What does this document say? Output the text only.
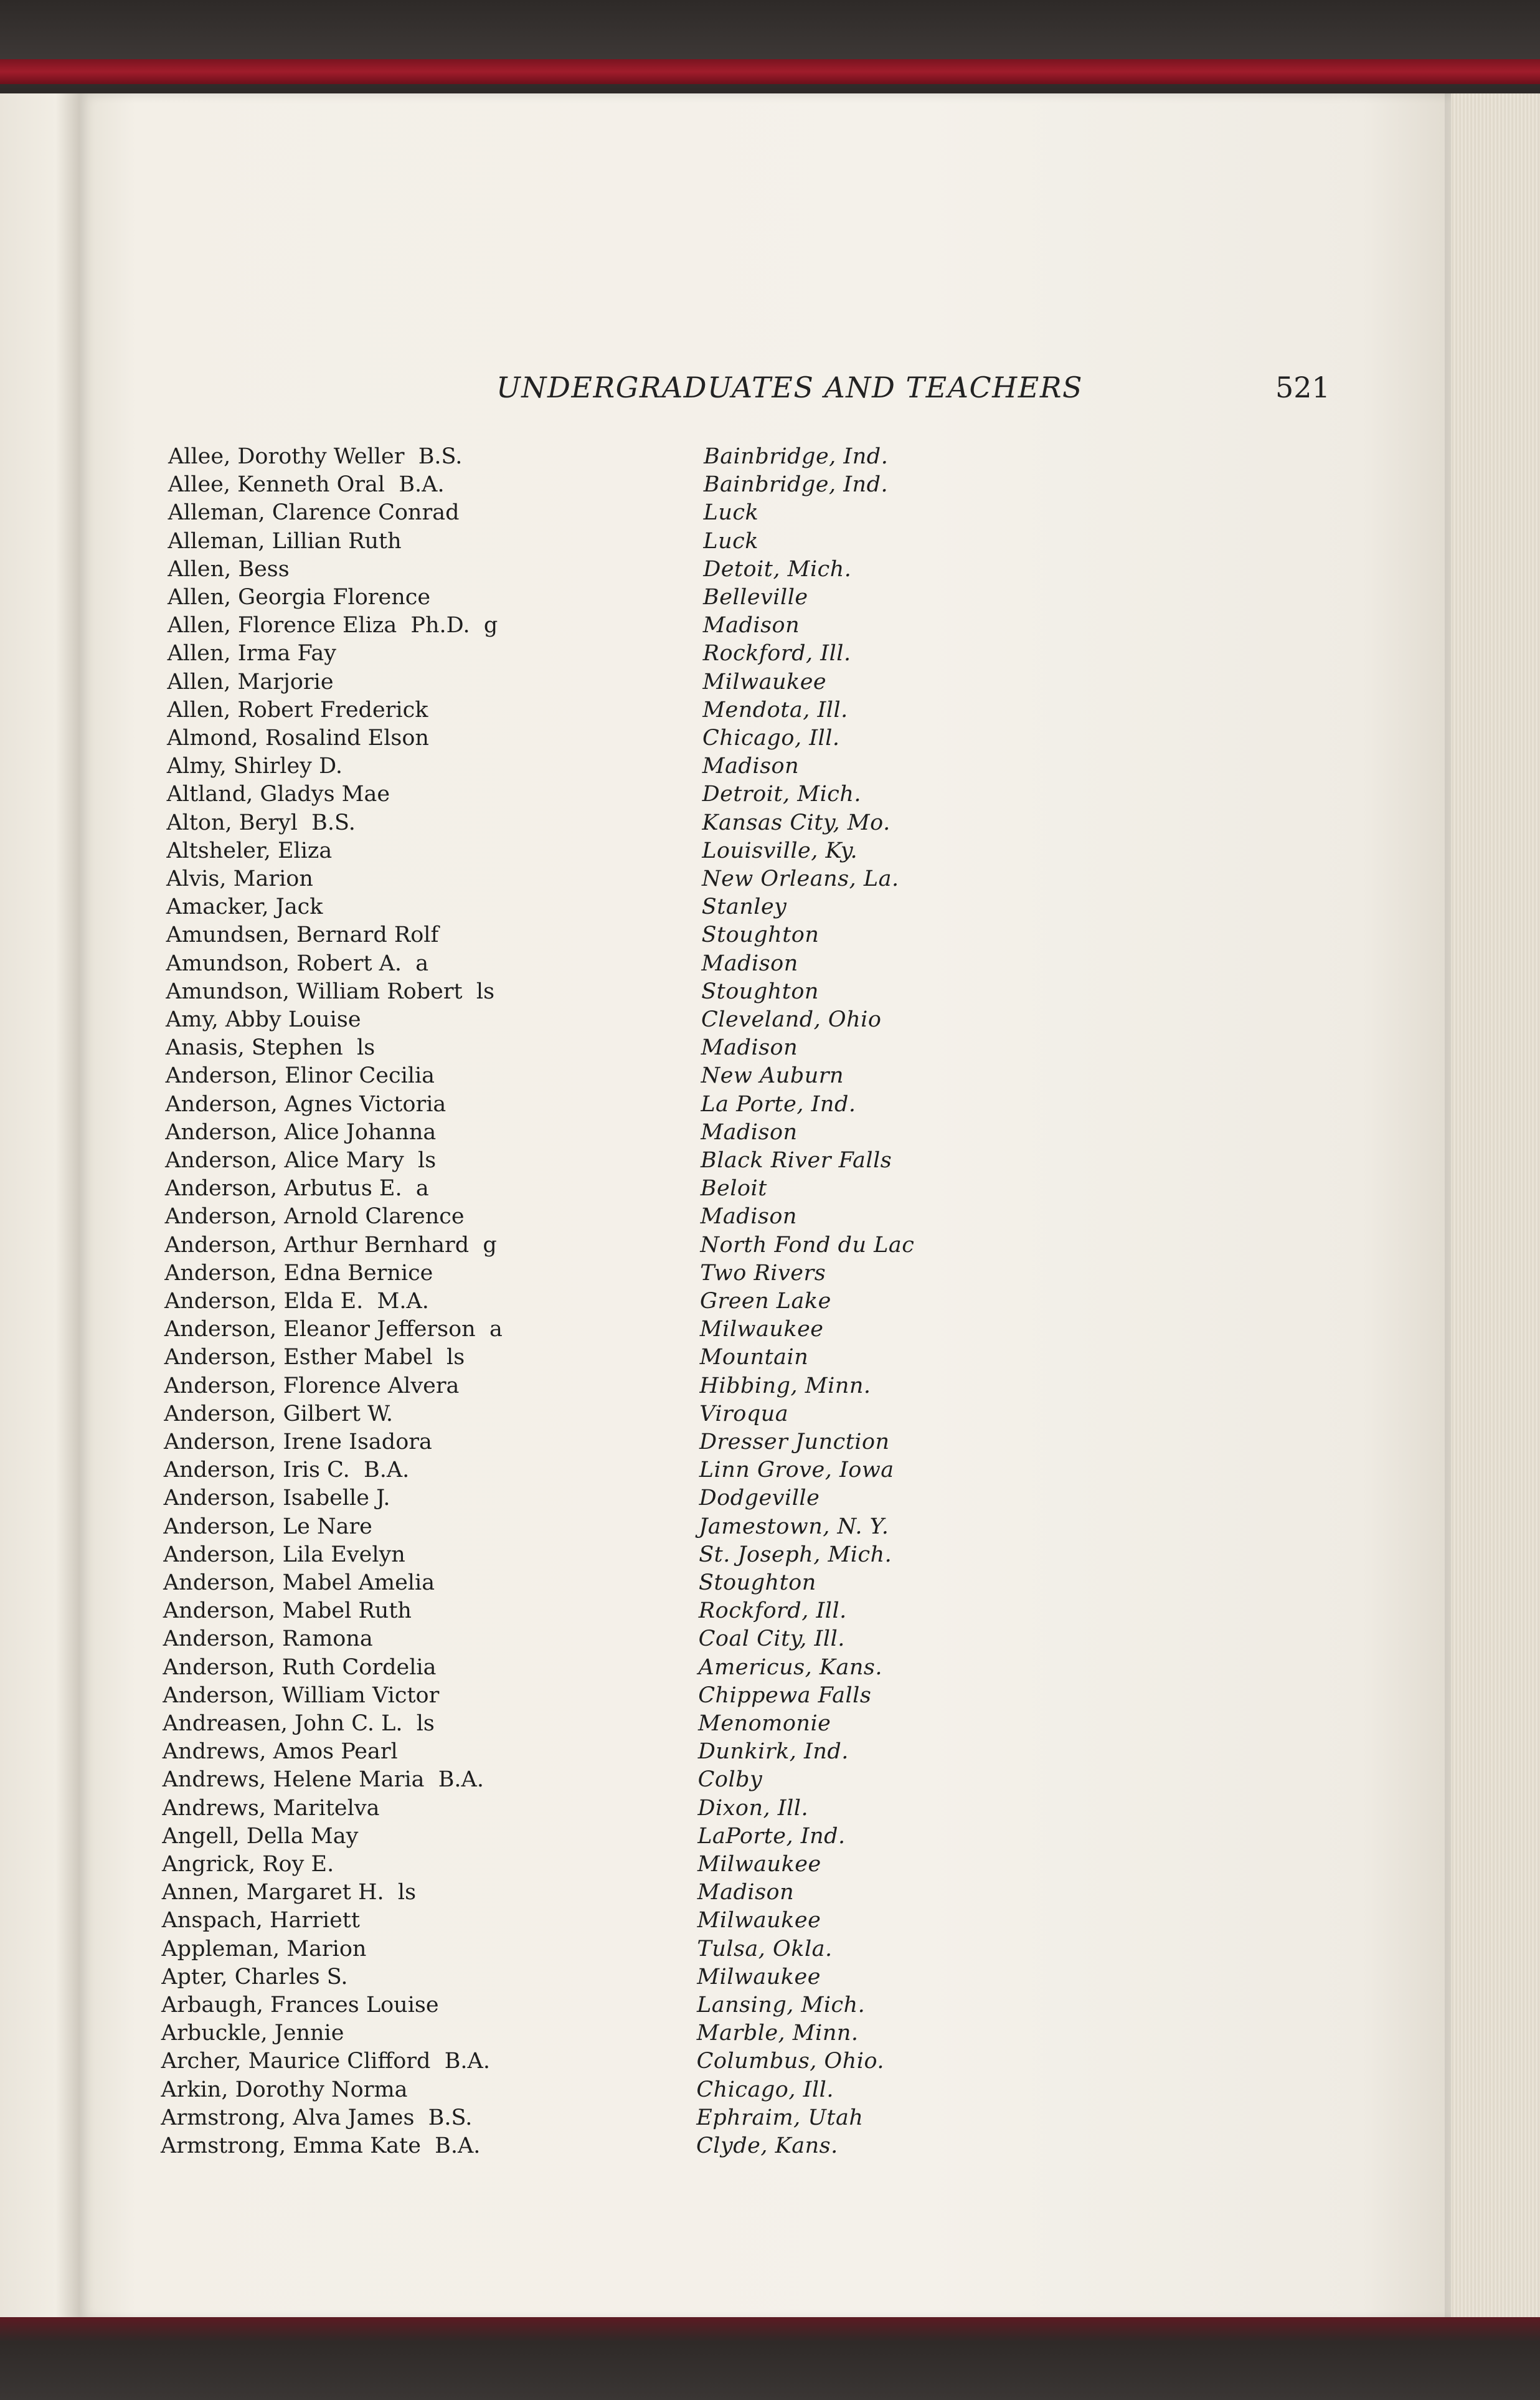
UNDERGRADUATES AND TEACHERS	521
Allee, Dorothy Weller  B.S.	Bainbridge, Ind.
Allee, Kenneth Oral  B.A.	Bainbridge, Ind.
Alleman, Clarence Conrad	Luck
Alleman, Lillian Ruth	Luck
Allen, Bess	Detoit, Mich.
Allen, Georgia Florence	Belleville
Allen, Florence Eliza  Ph.D.  g	Madison
Allen, Irma Fay	Rockford, Ill.
Allen, Marjorie	Milwaukee
Allen, Robert Frederick	Mendota, Ill.
Almond, Rosalind Elson	Chicago, Ill.
Almy, Shirley D.	Madison
Altland, Gladys Mae	Detroit, Mich.
Alton, Beryl  B.S.	Kansas City, Mo.
Altsheler, Eliza	Louisville, Ky.
Alvis, Marion	New Orleans, La.
Amacker, Jack	Stanley
Amundsen, Bernard Rolf	Stoughton
Amundson, Robert A.  a	Madison
Amundson, William Robert  ls	Stoughton
Amy, Abby Louise	Cleveland, Ohio
Anasis, Stephen  ls	Madison
Anderson, Elinor Cecilia	New Auburn
Anderson, Agnes Victoria	La Porte, Ind.
Anderson, Alice Johanna	Madison
Anderson, Alice Mary  ls	Black River Falls
Anderson, Arbutus E.  a	Beloit
Anderson, Arnold Clarence	Madison
Anderson, Arthur Bernhard  g	North Fond du Lac
Anderson, Edna Bernice	Two Rivers
Anderson, Elda E.  M.A.	Green Lake
Anderson, Eleanor Jefferson  a	Milwaukee
Anderson, Esther Mabel  ls	Mountain
Anderson, Florence Alvera	Hibbing, Minn.
Anderson, Gilbert W.	Viroqua
Anderson, Irene Isadora	Dresser Junction
Anderson, Iris C.  B.A.	Linn Grove, Iowa
Anderson, Isabelle J.	Dodgeville
Anderson, Le Nare	Jamestown, N. Y.
Anderson, Lila Evelyn	St. Joseph, Mich.
Anderson, Mabel Amelia	Stoughton
Anderson, Mabel Ruth	Rockford, Ill.
Anderson, Ramona	Coal City, Ill.
Anderson, Ruth Cordelia	Americus, Kans.
Anderson, William Victor	Chippewa Falls
Andreasen, John C. L.  ls	Menomonie
Andrews, Amos Pearl	Dunkirk, Ind.
Andrews, Helene Maria  B.A.	Colby
Andrews, Maritelva	Dixon, Ill.
Angell, Della May	LaPorte, Ind.
Angrick, Roy E.	Milwaukee
Annen, Margaret H.  ls	Madison
Anspach, Harriett	Milwaukee
Appleman, Marion	Tulsa, Okla.
Apter, Charles S.	Milwaukee
Arbaugh, Frances Louise	Lansing, Mich.
Arbuckle, Jennie	Marble, Minn.
Archer, Maurice Clifford  B.A.	Columbus, Ohio.
Arkin, Dorothy Norma	Chicago, Ill.
Armstrong, Alva James  B.S.	Ephraim, Utah
Armstrong, Emma Kate  B.A.	Clyde, Kans.
